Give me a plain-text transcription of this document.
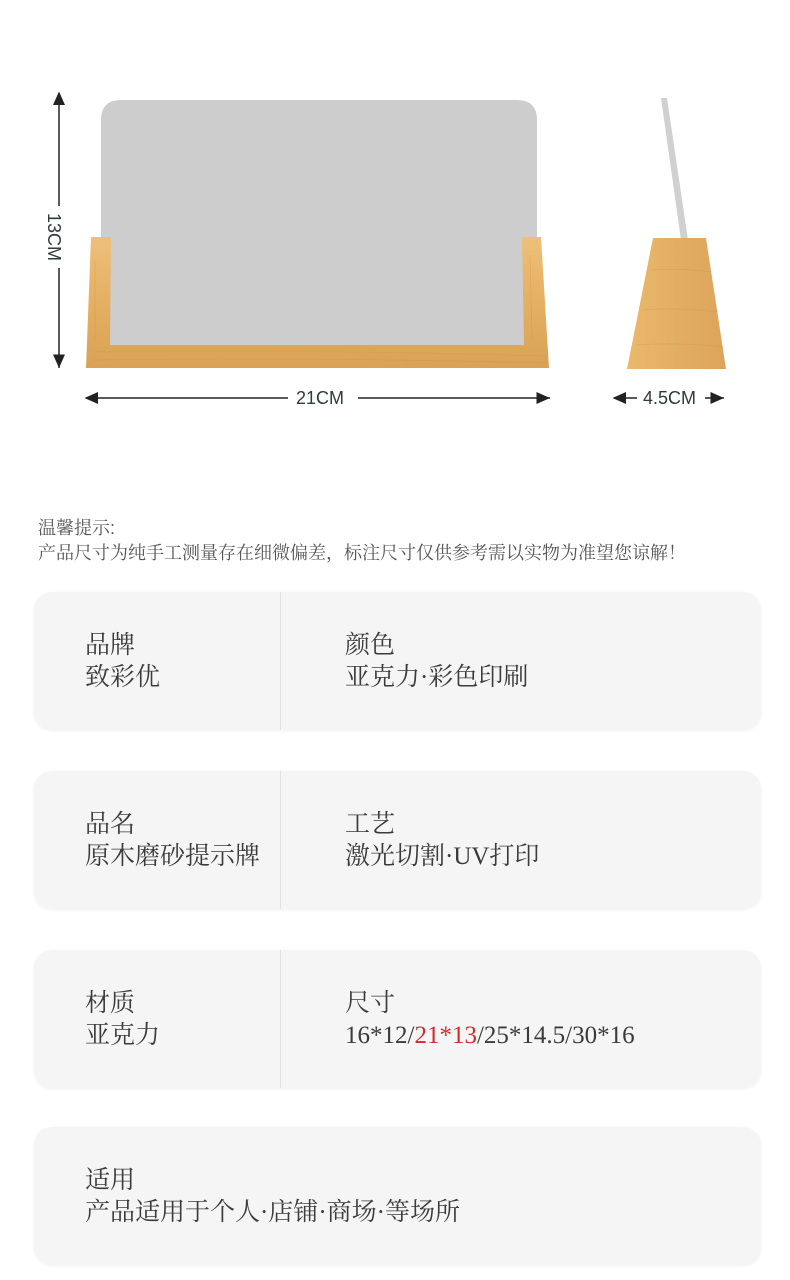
13CM
21CM	4.5CM
温馨提示:
产品尺寸为纯手工测量存在细微偏差，标注尺寸仅供参考需以实物为准望您谅解！
品牌
致彩优
颜色
亚克力·彩色印刷
品名
原木磨砂提示牌
工艺
激光切割·UV打印
材质
亚克力
尺寸
16*12/21*13/25*14.5/30*16
适用
产品适用于个人·店铺·商场·等场所
